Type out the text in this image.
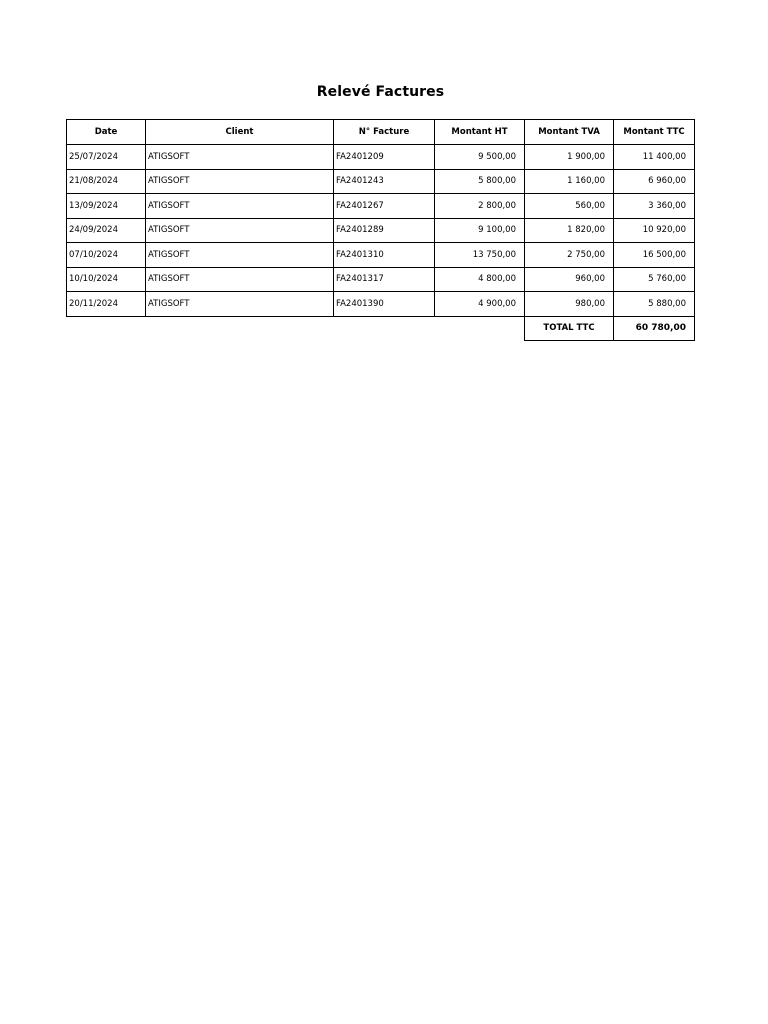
Relevé Factures
Date	Client	N° Facture	Montant HT	Montant TVA	Montant TTC
25/07/2024	ATIGSOFT	FA2401209	9 500,00	1 900,00	11 400,00
21/08/2024	ATIGSOFT	FA2401243	5 800,00	1 160,00	6 960,00
13/09/2024	ATIGSOFT	FA2401267	2 800,00	560,00	3 360,00
24/09/2024	ATIGSOFT	FA2401289	9 100,00	1 820,00	10 920,00
07/10/2024	ATIGSOFT	FA2401310	13 750,00	2 750,00	16 500,00
10/10/2024	ATIGSOFT	FA2401317	4 800,00	960,00	5 760,00
20/11/2024	ATIGSOFT	FA2401390	4 900,00	980,00	5 880,00
				TOTAL TTC	60 780,00
